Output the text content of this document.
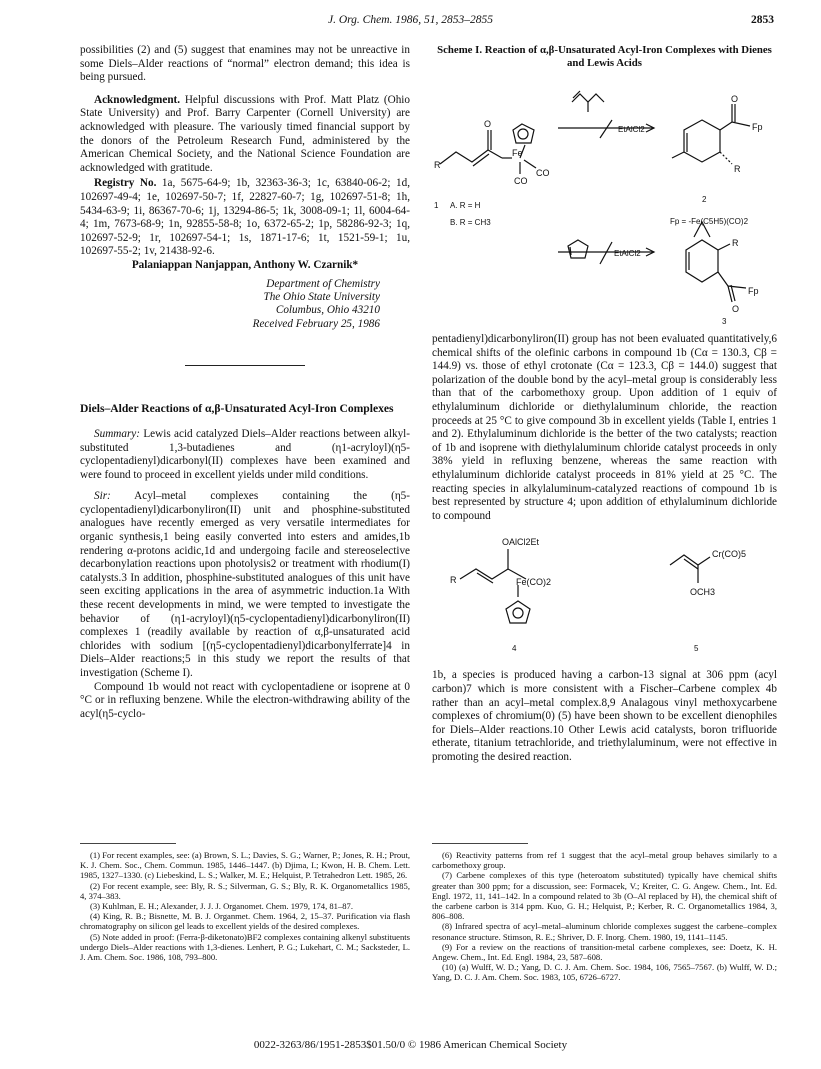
J. Org. Chem. 1986, 51, 2853–2855	2853

possibilities (2) and (5) suggest that enamines may not be unreactive in some Diels–Alder reactions of “normal” electron demand; this idea is being pursued.

Acknowledgment. Helpful discussions with Prof. Matt Platz (Ohio State University) and Prof. Barry Carpenter (Cornell University) are acknowledged with pleasure. The variously timed financial support by the donors of the Petroleum Research Fund, administered by the American Chemical Society, and the National Science Foundation are acknowledged with gratitude.

Registry No. 1a, 5675-64-9; 1b, 32363-36-3; 1c, 63840-06-2; 1d, 102697-49-4; 1e, 102697-50-7; 1f, 22827-60-7; 1g, 102697-51-8; 1h, 5434-63-9; 1i, 86367-70-6; 1j, 13294-86-5; 1k, 3008-09-1; 1l, 6004-64-4; 1m, 7673-68-9; 1n, 92855-58-8; 1o, 6372-65-2; 1p, 58286-92-3; 1q, 102697-52-9; 1r, 102697-54-1; 1s, 1871-17-6; 1t, 1521-59-1; 1u, 102697-55-2; 1v, 21438-92-6.

Palaniappan Nanjappan, Anthony W. Czarnik*

Department of Chemistry
The Ohio State University
Columbus, Ohio 43210
Received February 25, 1986
Diels–Alder Reactions of α,β-Unsaturated Acyl-Iron Complexes

Summary: Lewis acid catalyzed Diels–Alder reactions between alkyl-substituted 1,3-butadienes and (η1-acryloyl)(η5-cyclopentadienyl)dicarbonyl(II) complexes have been examined and were found to proceed in excellent yields under mild conditions.

Sir: Acyl–metal complexes containing the (η5-cyclopentadienyl)dicarbonyliron(II) unit and phosphine-substituted analogues have recently emerged as very versatile intermediates for organic synthesis,1 being easily converted into esters and amides,1b rendering α-protons acidic,1d and undergoing facile and stereoselective decarbonylation reactions upon photolysis2 or treatment with rhodium(I) catalysts.3 In addition, phosphine-substituted analogues of this unit have seen exciting applications in the area of asymmetric induction.1a With these recent developments in mind, we were tempted to investigate the behavior of (η1-acryloyl)(η5-cyclopentadienyl)dicarbonyliron(II) complexes 1 (readily available by reaction of α,β-unsaturated acid chlorides with sodium [(η5-cyclopentadienyl)dicarbonylferrate]4 in Diels–Alder reactions;5 in this study we report the results of that investigation (Scheme I).

Compound 1b would not react with cyclopentadiene or isoprene at 0 °C or in refluxing benzene. While the electron-withdrawing ability of the acyl(η5-cyclo-

Scheme I. Reaction of α,β-Unsaturated Acyl-Iron Complexes with Dienes and Lewis Acids
R
O
Fe
CO
CO
EtAlCl2
O
Fp
R
1 A. R = H
B. R = CH3
2
Fp = -Fe(C5H5)(CO)2
EtAlCl2
R
O
Fp
3

pentadienyl)dicarbonyliron(II) group has not been evaluated quantitatively,6 chemical shifts of the olefinic carbons in compound 1b (Cα = 130.3, Cβ = 144.9) vs. those of ethyl crotonate (Cα = 123.3, Cβ = 144.0) suggest that polarization of the double bond by the acyl–metal group is considerably less than that of the carbomethoxy group. Upon addition of 1 equiv of ethylaluminum dichloride or diethylaluminum chloride, the reaction proceeds at 25 °C to give compound 3b in excellent yields (Table I, entries 1 and 2). Ethylaluminum dichloride is the better of the two catalysts; reaction of 1b and isoprene with diethylaluminum chloride catalyst proceeds in only 38% yield in refluxing benzene, whereas the same reaction with ethylaluminum dichloride catalyst proceeds in 81% yield at 25 °C. The reacting species in alkylaluminum-catalyzed reactions of compound 1b is best represented by structure 4; upon addition of ethylaluminum dichloride to compound

R
OAlCl2Et
Fe(CO)2
4
Cr(CO)5
OCH3
5

1b, a species is produced having a carbon-13 signal at 306 ppm (acyl carbon)7 which is more consistent with a Fischer–Carbene complex 4b rather than an acyl–metal complex.8,9 Analagous vinyl methoxycarbene complexes of chromium(0) (5) have been shown to be excellent dienophiles for Diels–Alder reactions.10 Other Lewis acid catalysts, boron trifluoride etherate, titanium tetrachloride, and triethylaluminum, were not effective in promoting the desired reaction.

(1) For recent examples, see: (a) Brown, S. L.; Davies, S. G.; Warner, P.; Jones, R. H.; Prout, K. J. Chem. Soc., Chem. Commun. 1985, 1446–1447. (b) Djima, I.; Kwon, H. B. Chem. Lett. 1985, 1327–1330. (c) Liebeskind, L. S.; Walker, M. E.; Helquist, P. Tetrahedron Lett. 1985, 26.

(2) For recent example, see: Bly, R. S.; Silverman, G. S.; Bly, R. K. Organometallics 1985, 4, 374–383.

(3) Kuhlman, E. H.; Alexander, J. J. J. Organomet. Chem. 1979, 174, 81–87.

(4) King, R. B.; Bisnette, M. B. J. Organmet. Chem. 1964, 2, 15–37. Purification via flash chromatography on silicon gel leads to excellent yields of the desired complexes.

(5) Note added in proof: (Ferra-β-diketonato)BF2 complexes containing alkenyl substituents undergo Diels–Alder reactions with 1,3-dienes. Lenhert, P. G.; Lukehart, C. M.; Sacksteder, L. J. Am. Chem. Soc. 1986, 108, 793–800.

(6) Reactivity patterns from ref 1 suggest that the acyl–metal group behaves similarly to a carbomethoxy group.

(7) Carbene complexes of this type (heteroatom substituted) typically have chemical shifts greater than 300 ppm; for a discussion, see: Formacek, V.; Kreiter, C. G. Angew. Chem., Int. Ed. Engl. 1972, 11, 141–142. In a compound related to 3b (O–Al replaced by H), the chemical shift of the carbene carbon is 314 ppm. Kuo, G. H.; Helquist, P.; Kerber, R. C. Organometallics 1984, 3, 806–808.

(8) Infrared spectra of acyl–metal–aluminum chloride complexes suggest the carbene–complex resonance structure. Stimson, R. E.; Shriver, D. F. Inorg. Chem. 1980, 19, 1141–1145.

(9) For a review on the reactions of transition-metal carbene complexes, see: Doetz, K. H. Angew. Chem., Int. Ed. Engl. 1984, 23, 587–608.

(10) (a) Wulff, W. D.; Yang, D. C. J. Am. Chem. Soc. 1984, 106, 7565–7567. (b) Wulff, W. D.; Yang, D. C. J. Am. Chem. Soc. 1983, 105, 6726–6727.

0022-3263/86/1951-2853$01.50/0 © 1986 American Chemical Society
